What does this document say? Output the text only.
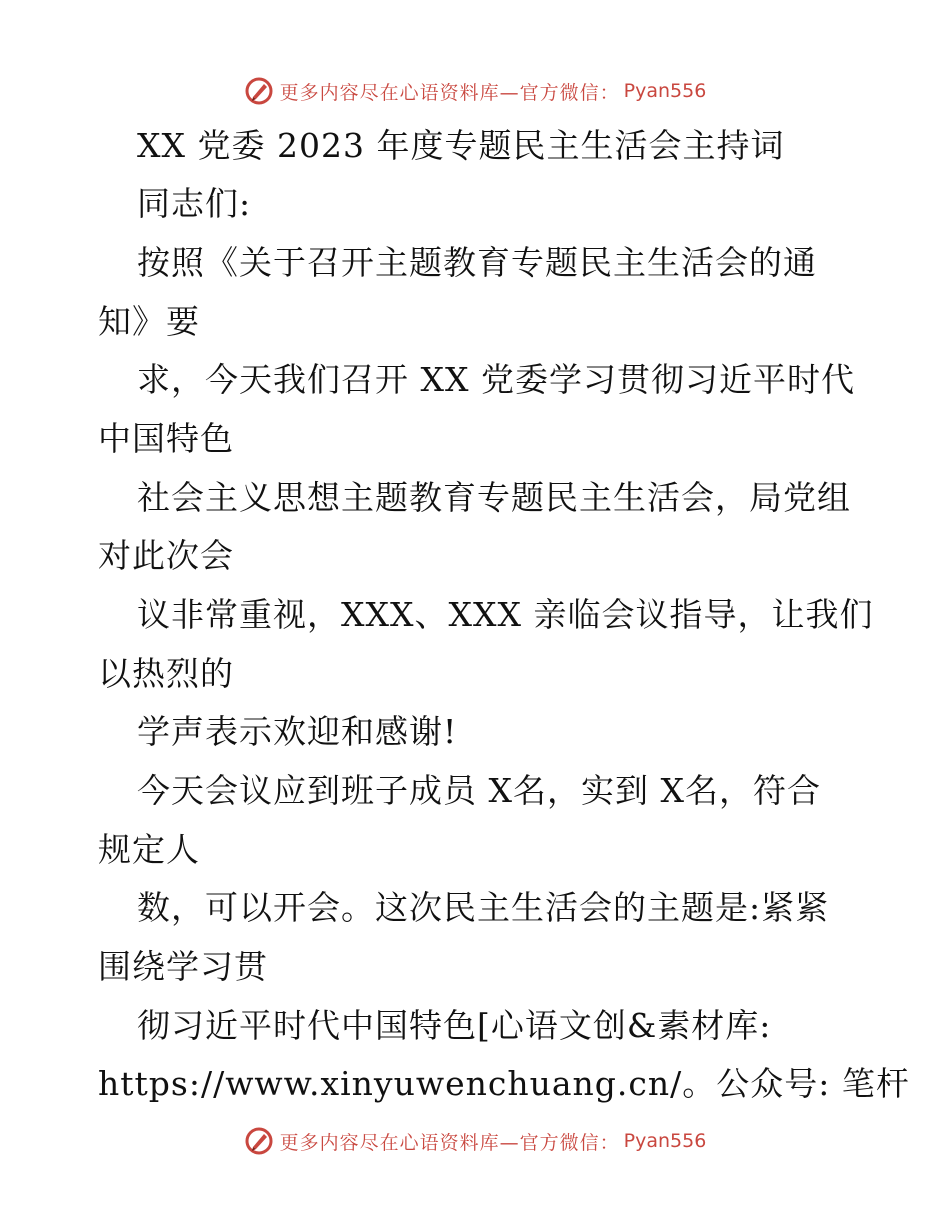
更多内容尽在心语资料库—官方微信： Pyan556
XX 党委 2023 年度专题民主生活会主持词
同志们:
按照《关于召开主题教育专题民主生活会的通
知》要
求，今天我们召开 XX 党委学习贯彻习近平时代
中国特色
社会主义思想主题教育专题民主生活会，局党组
对此次会
议非常重视，XXX、XXX 亲临会议指导，让我们
以热烈的
学声表示欢迎和感谢!
今天会议应到班子成员 X名，实到 X名，符合
规定人
数，可以开会。这次民主生活会的主题是:紧紧
围绕学习贯
彻习近平时代中国特色[心语文创&素材库:
https://www.xinyuwenchuang.cn/。公众号: 笔杆
更多内容尽在心语资料库—官方微信： Pyan556
